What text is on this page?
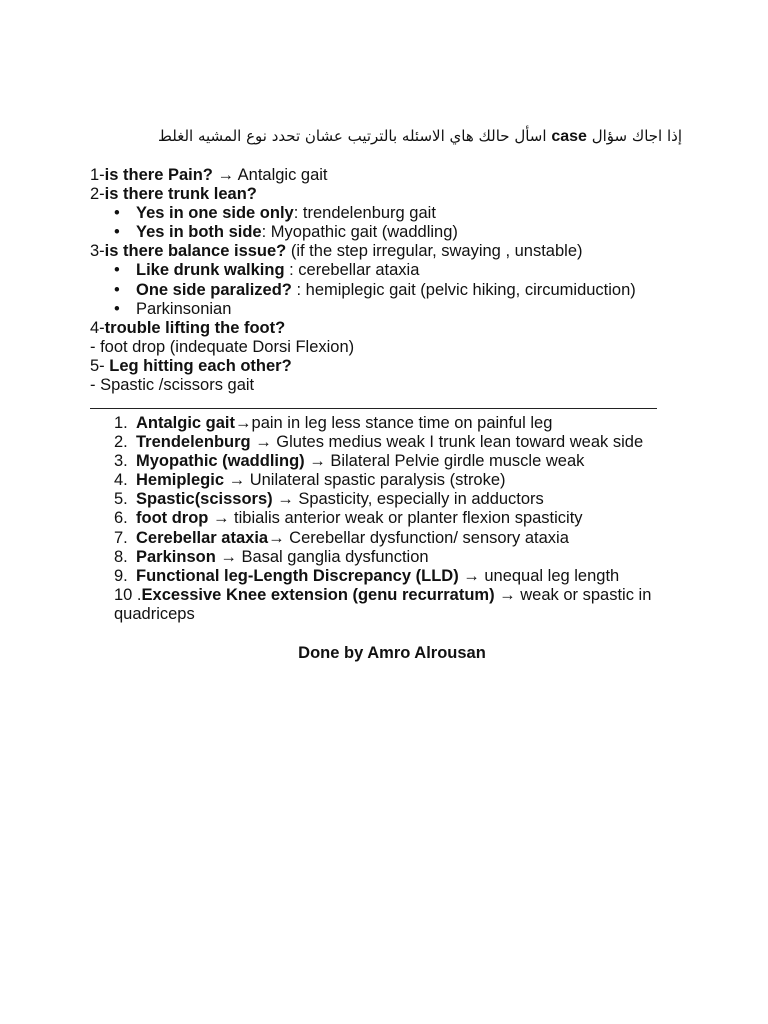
إذا اجاك سؤال case اسأل حالك هاي الاسئله بالترتيب عشان تحدد نوع المشيه الغلط
1-is there Pain? → Antalgic gait
2-is there trunk lean?
• Yes in one side only: trendelenburg gait
• Yes in both side: Myopathic gait (waddling)
3-is there balance issue? (if the step irregular, swaying , unstable)
• Like drunk walking : cerebellar ataxia
• One side paralized? : hemiplegic gait (pelvic hiking, circumiduction)
• Parkinsonian
4-trouble lifting the foot?
- foot drop (indequate Dorsi Flexion)
5- Leg hitting each other?
- Spastic /scissors gait
1. Antalgic gait→pain in leg less stance time on painful leg
2. Trendelenburg → Glutes medius weak I trunk lean toward weak side
3. Myopathic (waddling) → Bilateral Pelvie girdle muscle weak
4. Hemiplegic → Unilateral spastic paralysis (stroke)
5. Spastic(scissors) → Spasticity, especially in adductors
6. foot drop → tibialis anterior weak or planter flexion spasticity
7. Cerebellar ataxia→ Cerebellar dysfunction/ sensory ataxia
8. Parkinson → Basal ganglia dysfunction
9. Functional leg-Length Discrepancy (LLD) → unequal leg length
10 .Excessive Knee extension (genu recurratum) → weak or spastic in quadriceps
Done by Amro Alrousan
